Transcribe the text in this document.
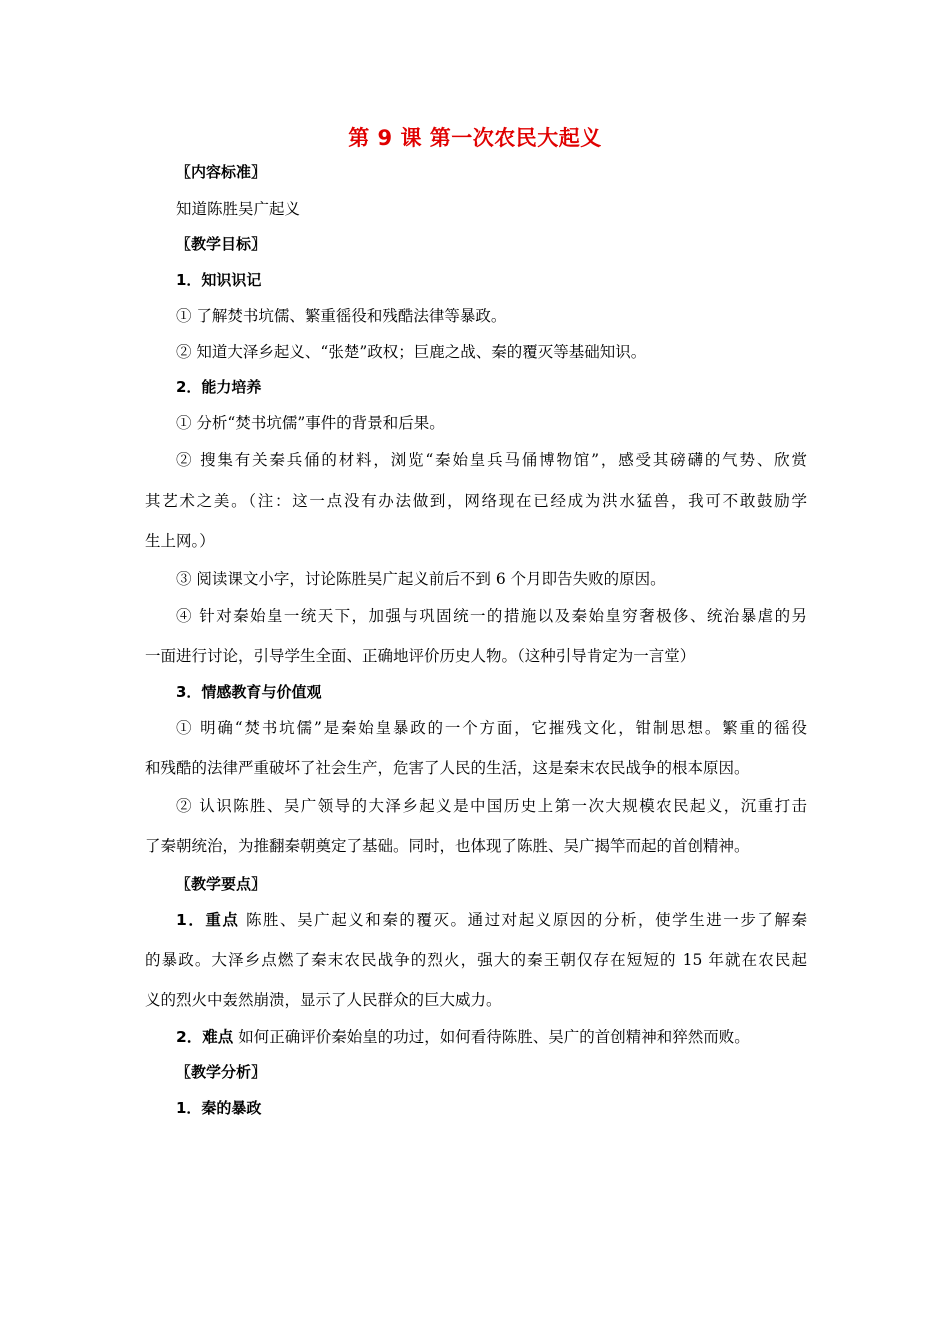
第 9 课 第一次农民大起义
〖内容标准〗
知道陈胜吴广起义
〖教学目标〗
1．知识识记
① 了解焚书坑儒、繁重徭役和残酷法律等暴政。
② 知道大泽乡起义、“张楚”政权；巨鹿之战、秦的覆灭等基础知识。
2．能力培养
① 分析“焚书坑儒”事件的背景和后果。
② 搜集有关秦兵俑的材料，浏览“秦始皇兵马俑博物馆”，感受其磅礴的气势、欣赏
其艺术之美。（注：这一点没有办法做到，网络现在已经成为洪水猛兽，我可不敢鼓励学
生上网。）
③ 阅读课文小字，讨论陈胜吴广起义前后不到 6 个月即告失败的原因。
④ 针对秦始皇一统天下，加强与巩固统一的措施以及秦始皇穷奢极侈、统治暴虐的另
一面进行讨论，引导学生全面、正确地评价历史人物。（这种引导肯定为一言堂）
3．情感教育与价值观
① 明确“焚书坑儒”是秦始皇暴政的一个方面，它摧残文化，钳制思想。繁重的徭役
和残酷的法律严重破坏了社会生产，危害了人民的生活，这是秦末农民战争的根本原因。
② 认识陈胜、吴广领导的大泽乡起义是中国历史上第一次大规模农民起义，沉重打击
了秦朝统治，为推翻秦朝奠定了基础。同时，也体现了陈胜、吴广揭竿而起的首创精神。
〖教学要点〗
1．重点 陈胜、吴广起义和秦的覆灭。通过对起义原因的分析，使学生进一步了解秦
的暴政。大泽乡点燃了秦末农民战争的烈火，强大的秦王朝仅存在短短的 15 年就在农民起
义的烈火中轰然崩溃，显示了人民群众的巨大威力。
2．难点 如何正确评价秦始皇的功过，如何看待陈胜、吴广的首创精神和猝然而败。
〖教学分析〗
1．秦的暴政
